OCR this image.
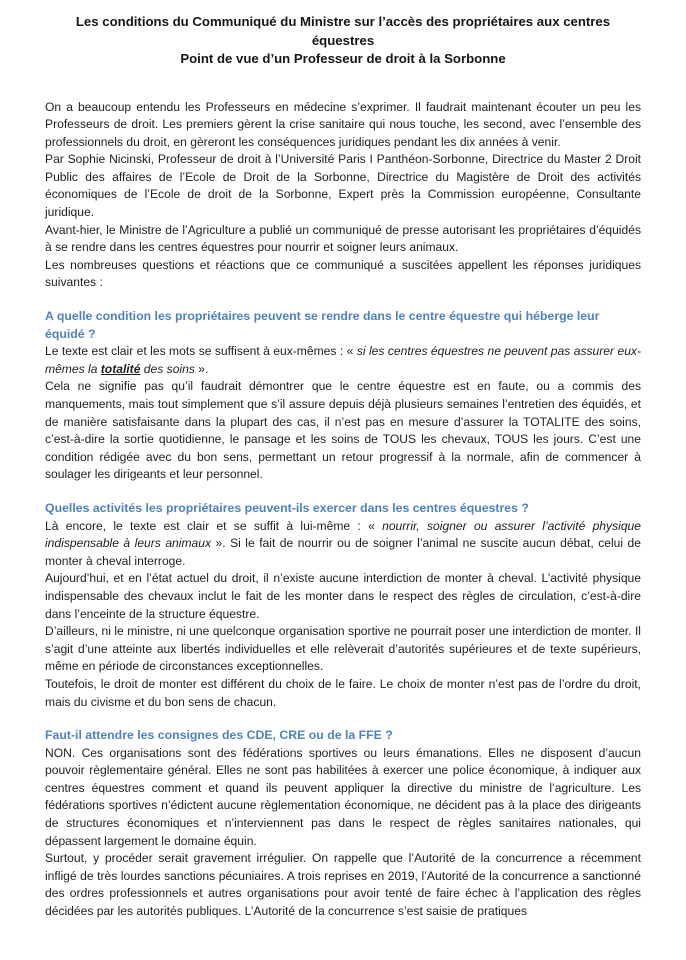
Les conditions du Communiqué du Ministre sur l’accès des propriétaires aux centres équestres
Point de vue d’un Professeur de droit à la Sorbonne

On a beaucoup entendu les Professeurs en médecine s’exprimer. Il faudrait maintenant écouter un peu les Professeurs de droit. Les premiers gèrent la crise sanitaire qui nous touche, les second, avec l’ensemble des professionnels du droit, en gèreront les conséquences juridiques pendant les dix années à venir.

Par Sophie Nicinski, Professeur de droit à l’Université Paris I Panthéon-Sorbonne, Directrice du Master 2 Droit Public des affaires de l’Ecole de Droit de la Sorbonne, Directrice du Magistère de Droit des activités économiques de l’Ecole de droit de la Sorbonne, Expert près la Commission européenne, Consultante juridique.

Avant-hier, le Ministre de l’Agriculture a publié un communiqué de presse autorisant les propriétaires d’équidés à se rendre dans les centres équestres pour nourrir et soigner leurs animaux.

Les nombreuses questions et réactions que ce communiqué a suscitées appellent les réponses juridiques suivantes :

A quelle condition les propriétaires peuvent se rendre dans le centre équestre qui héberge leur équidé ?

Le texte est clair et les mots se suffisent à eux-mêmes : « si les centres équestres ne peuvent pas assurer eux-mêmes la totalité des soins ».

Cela ne signifie pas qu’il faudrait démontrer que le centre équestre est en faute, ou a commis des manquements, mais tout simplement que s’il assure depuis déjà plusieurs semaines l’entretien des équidés, et de manière satisfaisante dans la plupart des cas, il n’est pas en mesure d’assurer la TOTALITE des soins, c’est-à-dire la sortie quotidienne, le pansage et les soins de TOUS les chevaux, TOUS les jours. C’est une condition rédigée avec du bon sens, permettant un retour progressif à la normale, afin de commencer à soulager les dirigeants et leur personnel.

Quelles activités les propriétaires peuvent-ils exercer dans les centres équestres ?

Là encore, le texte est clair et se suffit à lui-même : « nourrir, soigner ou assurer l’activité physique indispensable à leurs animaux ». Si le fait de nourrir ou de soigner l’animal ne suscite aucun débat, celui de monter à cheval interroge.

Aujourd’hui, et en l’état actuel du droit, il n’existe aucune interdiction de monter à cheval. L’activité physique indispensable des chevaux inclut le fait de les monter dans le respect des règles de circulation, c’est-à-dire dans l’enceinte de la structure équestre.

D’ailleurs, ni le ministre, ni une quelconque organisation sportive ne pourrait poser une interdiction de monter. Il s’agit d’une atteinte aux libertés individuelles et elle relèverait d’autorités supérieures et de texte supérieurs, même en période de circonstances exceptionnelles.

Toutefois, le droit de monter est différent du choix de le faire. Le choix de monter n’est pas de l’ordre du droit, mais du civisme et du bon sens de chacun.

Faut-il attendre les consignes des CDE, CRE ou de la FFE ?

NON. Ces organisations sont des fédérations sportives ou leurs émanations. Elles ne disposent d’aucun pouvoir règlementaire général. Elles ne sont pas habilitées à exercer une police économique, à indiquer aux centres équestres comment et quand ils peuvent appliquer la directive du ministre de l’agriculture. Les fédérations sportives n’édictent aucune règlementation économique, ne décident pas à la place des dirigeants de structures économiques et n’interviennent pas dans le respect de règles sanitaires nationales, qui dépassent largement le domaine équin.

Surtout, y procéder serait gravement irrégulier. On rappelle que l’Autorité de la concurrence a récemment infligé de très lourdes sanctions pécuniaires. A trois reprises en 2019, l’Autorité de la concurrence a sanctionné des ordres professionnels et autres organisations pour avoir tenté de faire échec à l’application des règles décidées par les autorités publiques. L’Autorité de la concurrence s’est saisie de pratiques
